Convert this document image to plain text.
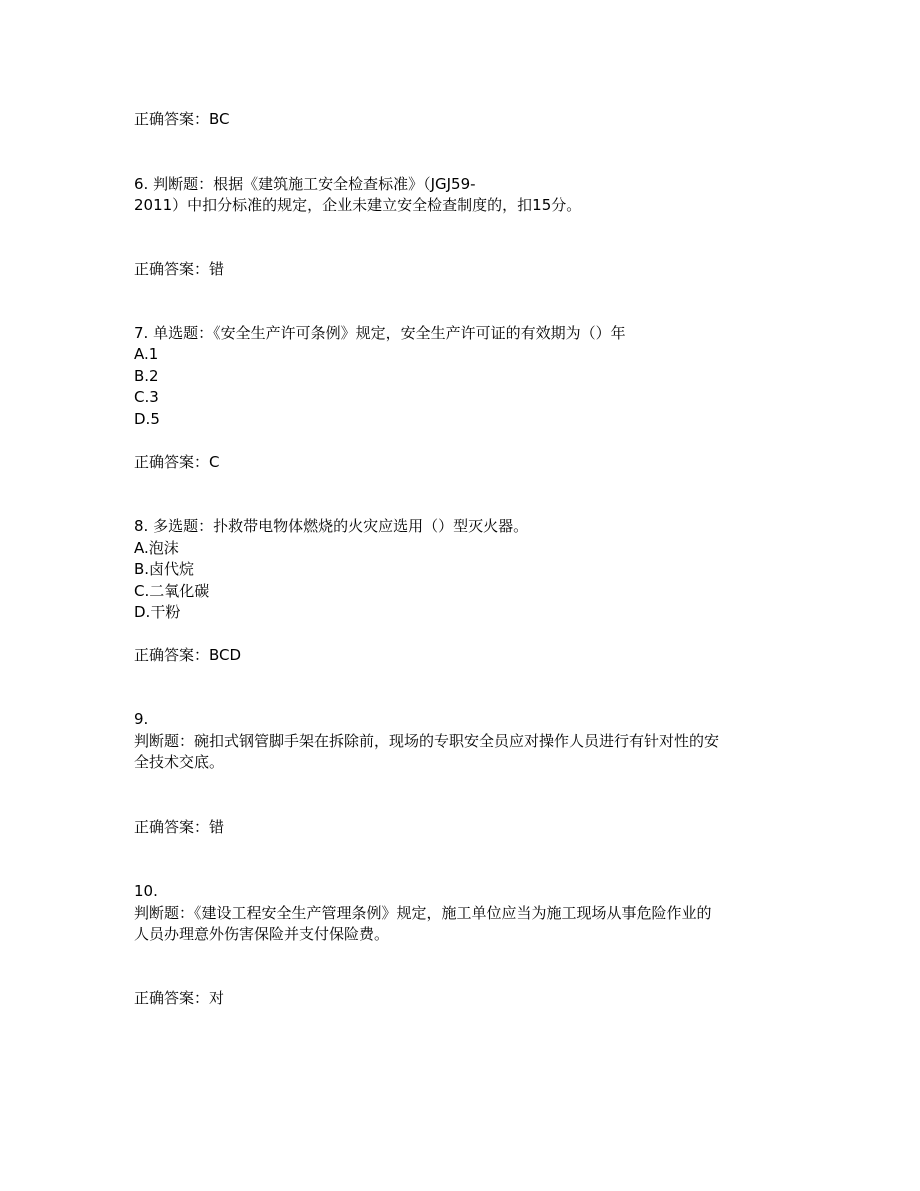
正确答案：BC

6. 判断题：根据《建筑施工安全检查标准》（JGJ59-

2011）中扣分标准的规定，企业未建立安全检查制度的，扣15分。

正确答案：错

7. 单选题：《安全生产许可条例》规定，安全生产许可证的有效期为（）年

A.1

B.2

C.3

D.5

正确答案：C

8. 多选题：扑救带电物体燃烧的火灾应选用（）型灭火器。

A.泡沫

B.卤代烷

C.二氧化碳

D.干粉

正确答案：BCD

9.

判断题：碗扣式钢管脚手架在拆除前，现场的专职安全员应对操作人员进行有针对性的安

全技术交底。

正确答案：错

10.

判断题：《建设工程安全生产管理条例》规定，施工单位应当为施工现场从事危险作业的

人员办理意外伤害保险并支付保险费。

正确答案：对
